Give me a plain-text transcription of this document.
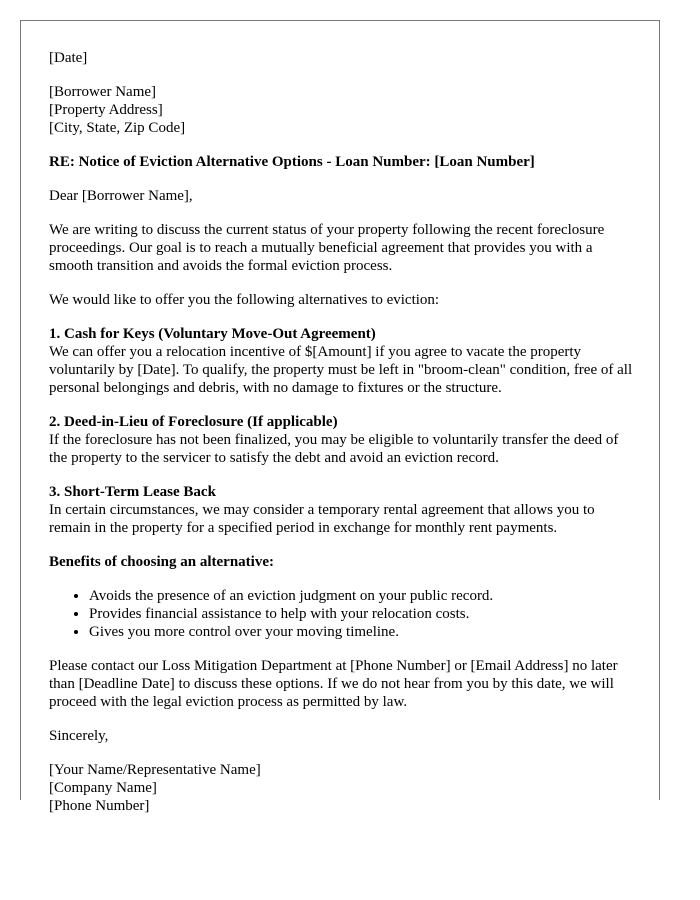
[Date]

[Borrower Name]
[Property Address]
[City, State, Zip Code]

RE: Notice of Eviction Alternative Options - Loan Number: [Loan Number]

Dear [Borrower Name],

We are writing to discuss the current status of your property following the recent foreclosure proceedings. Our goal is to reach a mutually beneficial agreement that provides you with a smooth transition and avoids the formal eviction process.

We would like to offer you the following alternatives to eviction:

1. Cash for Keys (Voluntary Move-Out Agreement)
We can offer you a relocation incentive of $[Amount] if you agree to vacate the property voluntarily by [Date]. To qualify, the property must be left in "broom-clean" condition, free of all personal belongings and debris, with no damage to fixtures or the structure.

2. Deed-in-Lieu of Foreclosure (If applicable)
If the foreclosure has not been finalized, you may be eligible to voluntarily transfer the deed of the property to the servicer to satisfy the debt and avoid an eviction record.

3. Short-Term Lease Back
In certain circumstances, we may consider a temporary rental agreement that allows you to remain in the property for a specified period in exchange for monthly rent payments.

Benefits of choosing an alternative:

• Avoids the presence of an eviction judgment on your public record.
• Provides financial assistance to help with your relocation costs.
• Gives you more control over your moving timeline.

Please contact our Loss Mitigation Department at [Phone Number] or [Email Address] no later than [Deadline Date] to discuss these options. If we do not hear from you by this date, we will proceed with the legal eviction process as permitted by law.

Sincerely,

[Your Name/Representative Name]
[Company Name]
[Phone Number]
